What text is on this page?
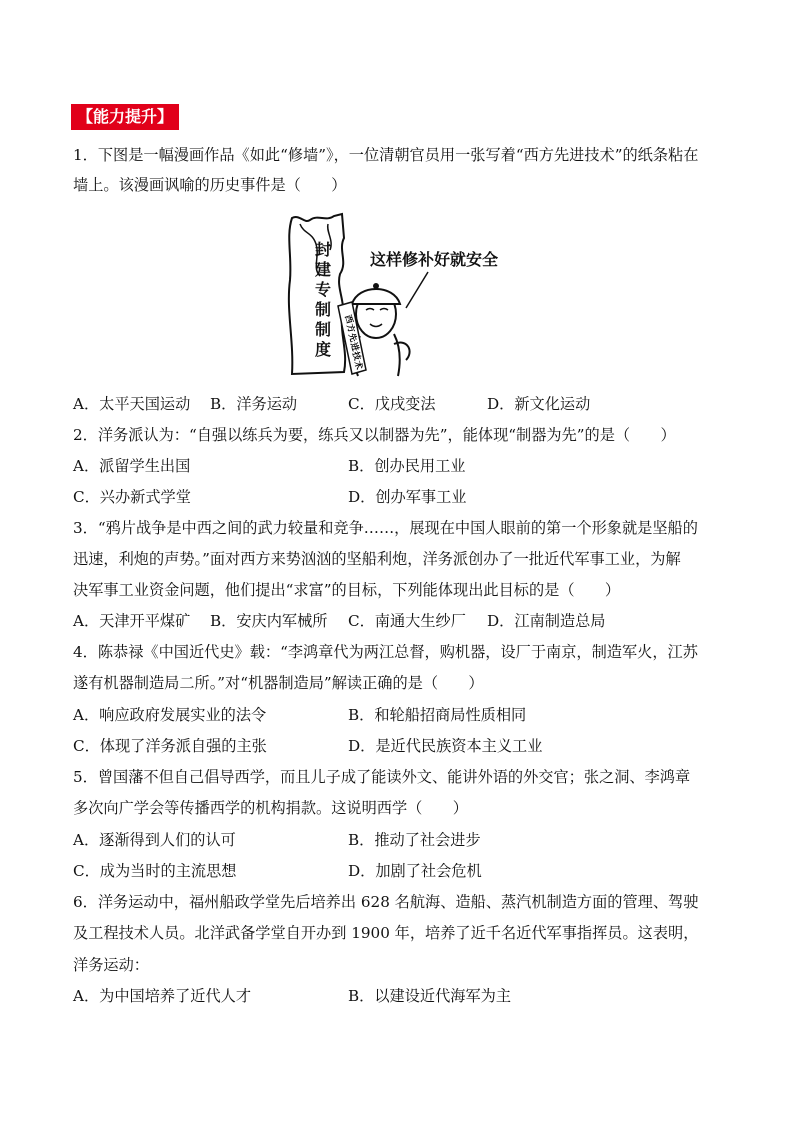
【能力提升】
1．下图是一幅漫画作品《如此“修墙”》，一位清朝官员用一张写着“西方先进技术”的纸条粘在
墙上。该漫画讽喻的历史事件是（　　）
西
方
先
进
技
术
这样修补好就安全
封
建
专
制
制
度
A．太平天国运动 B．洋务运动	C．戊戌变法	D．新文化运动
2．洋务派认为：“自强以练兵为要，练兵又以制器为先”，能体现“制器为先”的是（　　）
A．派留学生出国	B．创办民用工业
C．兴办新式学堂	D．创办军事工业
3．“鸦片战争是中西之间的武力较量和竞争……，展现在中国人眼前的第一个形象就是坚船的
迅速，利炮的声势。”面对西方来势汹汹的坚船利炮，洋务派创办了一批近代军事工业，为解
决军事工业资金问题，他们提出“求富”的目标，下列能体现出此目标的是（　　）
A．天津开平煤矿 B．安庆内军械所 C．南通大生纱厂 D．江南制造总局
4．陈恭禄《中国近代史》载：“李鸿章代为两江总督，购机器，设厂于南京，制造军火，江苏
遂有机器制造局二所。”对“机器制造局”解读正确的是（　　）
A．响应政府发展实业的法令	B．和轮船招商局性质相同
C．体现了洋务派自强的主张	D．是近代民族资本主义工业
5．曾国藩不但自己倡导西学，而且儿子成了能读外文、能讲外语的外交官；张之洞、李鸿章
多次向广学会等传播西学的机构捐款。这说明西学（　　）
A．逐渐得到人们的认可	B．推动了社会进步
C．成为当时的主流思想	D．加剧了社会危机
6．洋务运动中，福州船政学堂先后培养出 628 名航海、造船、蒸汽机制造方面的管理、驾驶
及工程技术人员。北洋武备学堂自开办到 1900 年，培养了近千名近代军事指挥员。这表明，
洋务运动：
A．为中国培养了近代人才	B．以建设近代海军为主
